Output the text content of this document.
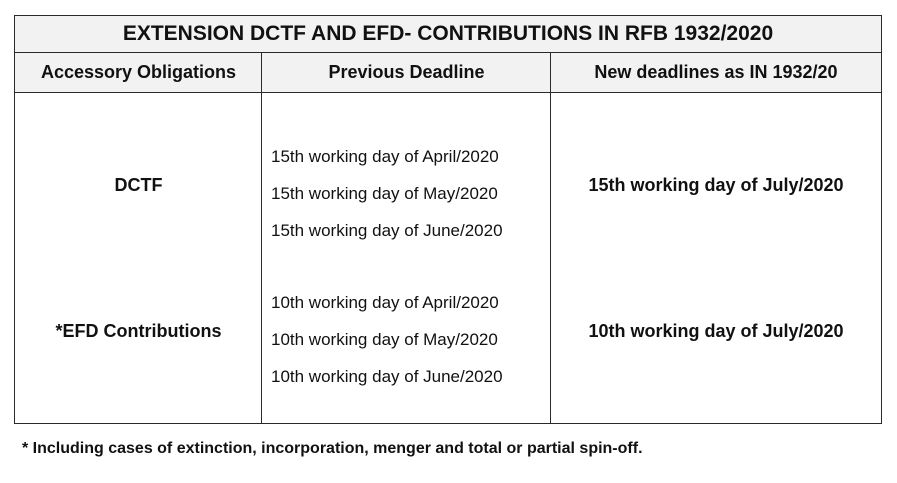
EXTENSION DCTF AND EFD- CONTRIBUTIONS IN RFB 1932/2020
Accessory Obligations	Previous Deadline	New deadlines as IN 1932/20
DCTF
15th working day of April/2020
15th working day of May/2020
15th working day of June/2020
15th working day of July/2020
*EFD Contributions
10th working day of April/2020
10th working day of May/2020
10th working day of June/2020
10th working day of July/2020
* Including cases of extinction, incorporation, menger and total or partial spin-off.
